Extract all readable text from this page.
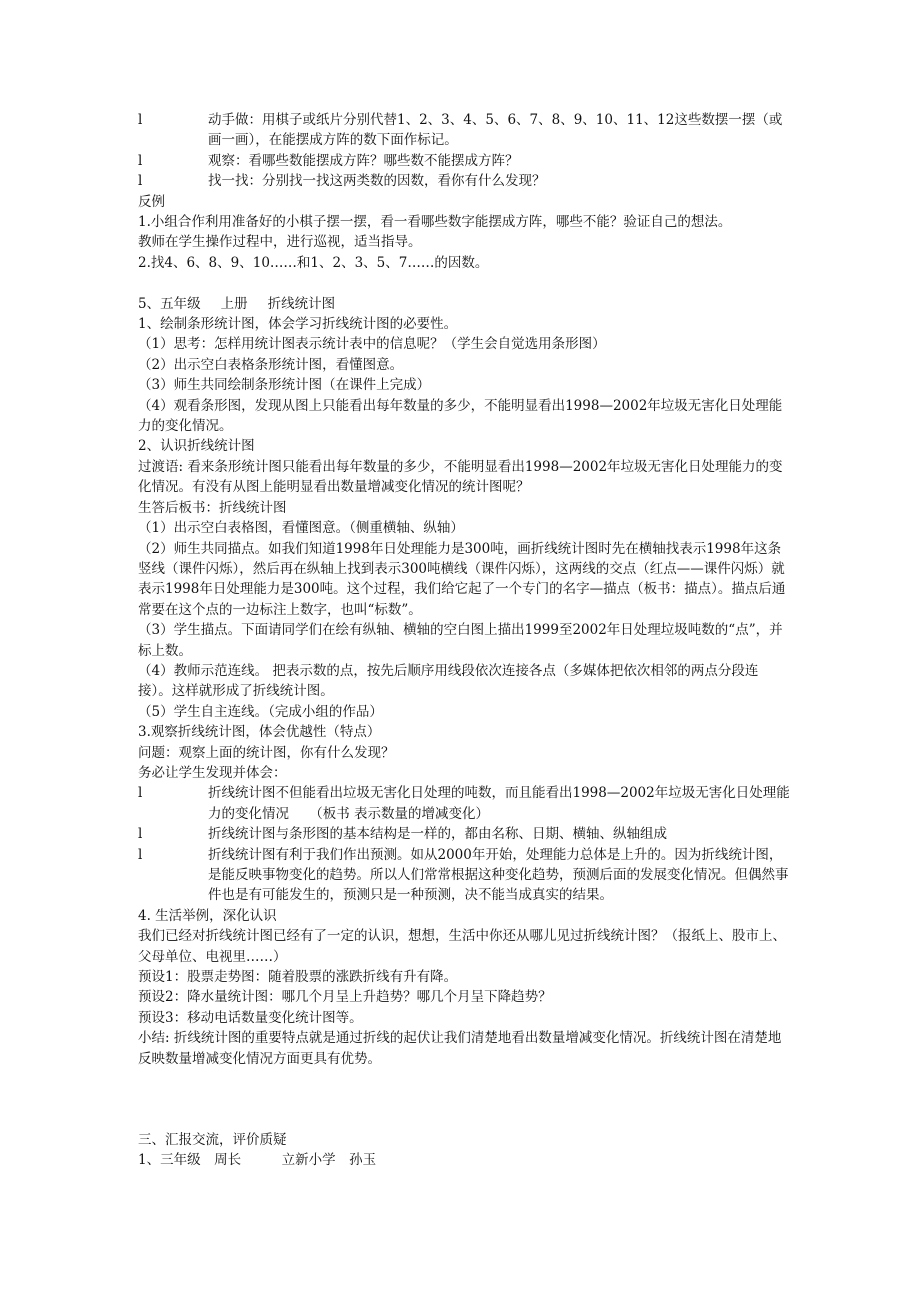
l	动手做：用棋子或纸片分别代替1、2、3、4、5、6、7、8、9、10、11、12这些数摆一摆（或画一画），在能摆成方阵的数下面作标记。
l	观察：看哪些数能摆成方阵？哪些数不能摆成方阵？
l	找一找：分别找一找这两类数的因数，看你有什么发现？
反例
1.小组合作利用准备好的小棋子摆一摆，看一看哪些数字能摆成方阵，哪些不能？验证自己的想法。
教师在学生操作过程中，进行巡视，适当指导。
2.找4、6、8、9、10……和1、2、3、5、7……的因数。
5、五年级 上册 折线统计图
1、绘制条形统计图，体会学习折线统计图的必要性。
（1）思考：怎样用统计图表示统计表中的信息呢？（学生会自觉选用条形图）
（2）出示空白表格条形统计图，看懂图意。
（3）师生共同绘制条形统计图（在课件上完成）
（4）观看条形图，发现从图上只能看出每年数量的多少，不能明显看出1998—2002年垃圾无害化日处理能力的变化情况。
2、认识折线统计图
过渡语: 看来条形统计图只能看出每年数量的多少，不能明显看出1998—2002年垃圾无害化日处理能力的变化情况。有没有从图上能明显看出数量增减变化情况的统计图呢？
生答后板书：折线统计图
（1）出示空白表格图，看懂图意。（侧重横轴、纵轴）
（2）师生共同描点。如我们知道1998年日处理能力是300吨，画折线统计图时先在横轴找表示1998年这条竖线（课件闪烁），然后再在纵轴上找到表示300吨横线（课件闪烁），这两线的交点（红点——课件闪烁）就表示1998年日处理能力是300吨。这个过程，我们给它起了一个专门的名字—描点（板书：描点）。描点后通常要在这个点的一边标注上数字，也叫“标数”。
（3）学生描点。下面请同学们在绘有纵轴、横轴的空白图上描出1999至2002年日处理垃圾吨数的“点”，并标上数。
（4）教师示范连线。 把表示数的点，按先后顺序用线段依次连接各点（多媒体把依次相邻的两点分段连接）。这样就形成了折线统计图。
（5）学生自主连线。（完成小组的作品）
3.观察折线统计图，体会优越性（特点）
问题：观察上面的统计图，你有什么发现？
务必让学生发现并体会：
l	折线统计图不但能看出垃圾无害化日处理的吨数，而且能看出1998—2002年垃圾无害化日处理能力的变化情况　　（板书 表示数量的增减变化）
l	折线统计图与条形图的基本结构是一样的，都由名称、日期、横轴、纵轴组成
l	折线统计图有利于我们作出预测。如从2000年开始，处理能力总体是上升的。因为折线统计图，是能反映事物变化的趋势。所以人们常常根据这种变化趋势，预测后面的发展变化情况。但偶然事件也是有可能发生的，预测只是一种预测，决不能当成真实的结果。
4. 生活举例，深化认识
我们已经对折线统计图已经有了一定的认识，想想，生活中你还从哪儿见过折线统计图？（报纸上、股市上、父母单位、电视里……）
预设1：股票走势图：随着股票的涨跌折线有升有降。
预设2：降水量统计图：哪几个月呈上升趋势？哪几个月呈下降趋势？
预设3：移动电话数量变化统计图等。
小结: 折线统计图的重要特点就是通过折线的起伏让我们清楚地看出数量增减变化情况。折线统计图在清楚地反映数量增减变化情况方面更具有优势。
三、汇报交流，评价质疑
1、三年级　周长　　　立新小学　孙玉
